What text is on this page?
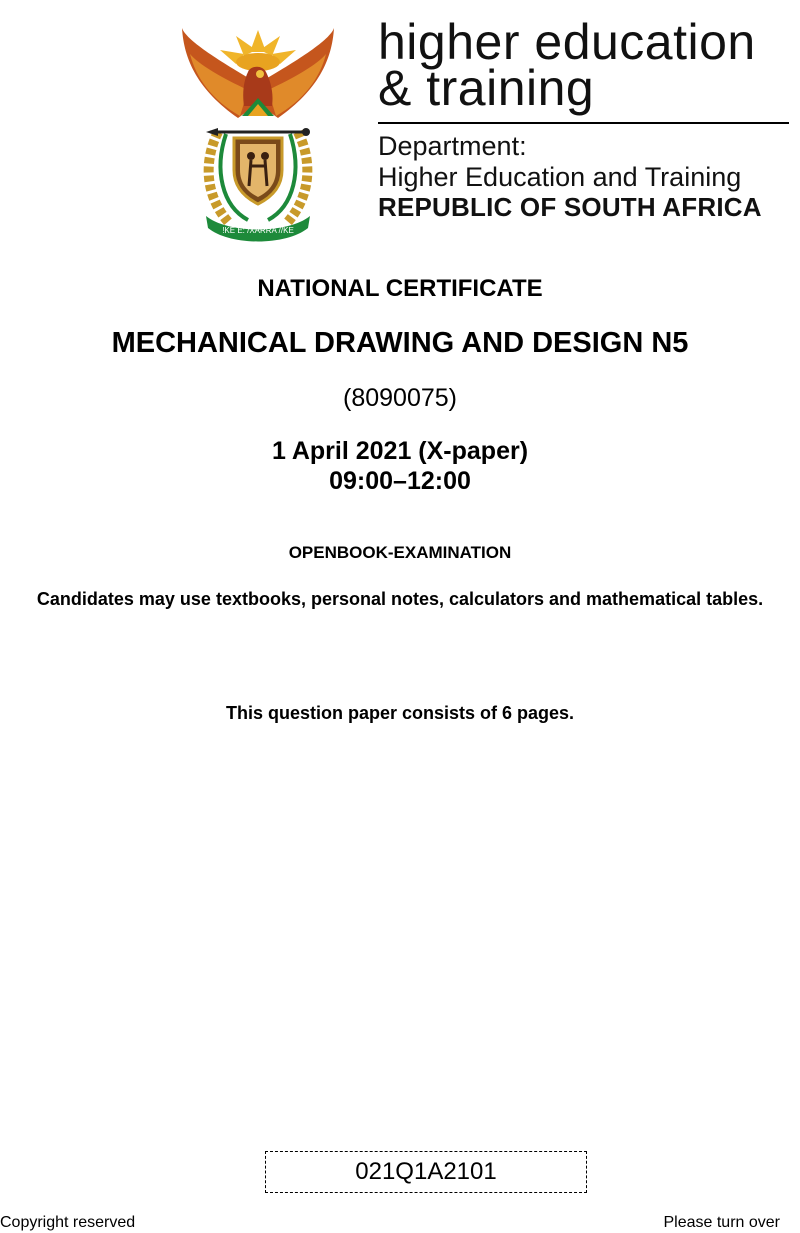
!KE E: /XARRA //KE
higher education
& training
Department:
Higher Education and Training
REPUBLIC OF SOUTH AFRICA
NATIONAL CERTIFICATE
MECHANICAL DRAWING AND DESIGN N5
(8090075)
1 April 2021 (X-paper)
09:00–12:00
OPENBOOK-EXAMINATION
Candidates may use textbooks, personal notes, calculators and mathematical tables.
This question paper consists of 6 pages.
021Q1A2101
Copyright reserved	Please turn over
